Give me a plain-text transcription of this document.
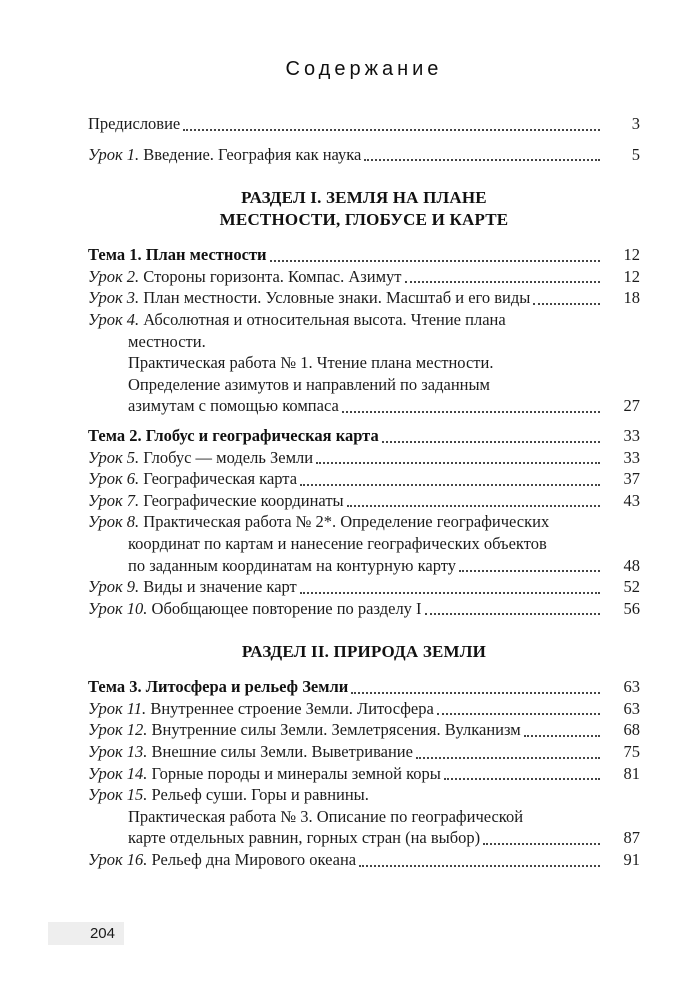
Содержание
Предисловие	3
Урок 1. Введение. География как наука	5
РАЗДЕЛ I. ЗЕМЛЯ НА ПЛАНЕ
МЕСТНОСТИ, ГЛОБУСЕ И КАРТЕ
Тема 1. План местности	12
Урок 2. Стороны горизонта. Компас. Азимут	12
Урок 3. План местности. Условные знаки. Масштаб и его виды	18
Урок 4. Абсолютная и относительная высота. Чтение плана
местности.
Практическая работа № 1. Чтение плана местности.
Определение азимутов и направлений по заданным
азимутам с помощью компаса	27
Тема 2. Глобус и географическая карта	33
Урок 5. Глобус — модель Земли	33
Урок 6. Географическая карта	37
Урок 7. Географические координаты	43
Урок 8. Практическая работа № 2*. Определение географических
координат по картам и нанесение географических объектов
по заданным координатам на контурную карту	48
Урок 9. Виды и значение карт	52
Урок 10. Обобщающее повторение по разделу I	56
РАЗДЕЛ II. ПРИРОДА ЗЕМЛИ
Тема 3. Литосфера и рельеф Земли	63
Урок 11. Внутреннее строение Земли. Литосфера	63
Урок 12. Внутренние силы Земли. Землетрясения. Вулканизм	68
Урок 13. Внешние силы Земли. Выветривание	75
Урок 14. Горные породы и минералы земной коры	81
Урок 15. Рельеф суши. Горы и равнины.
Практическая работа № 3. Описание по географической
карте отдельных равнин, горных стран (на выбор)	87
Урок 16. Рельеф дна Мирового океана	91
204
